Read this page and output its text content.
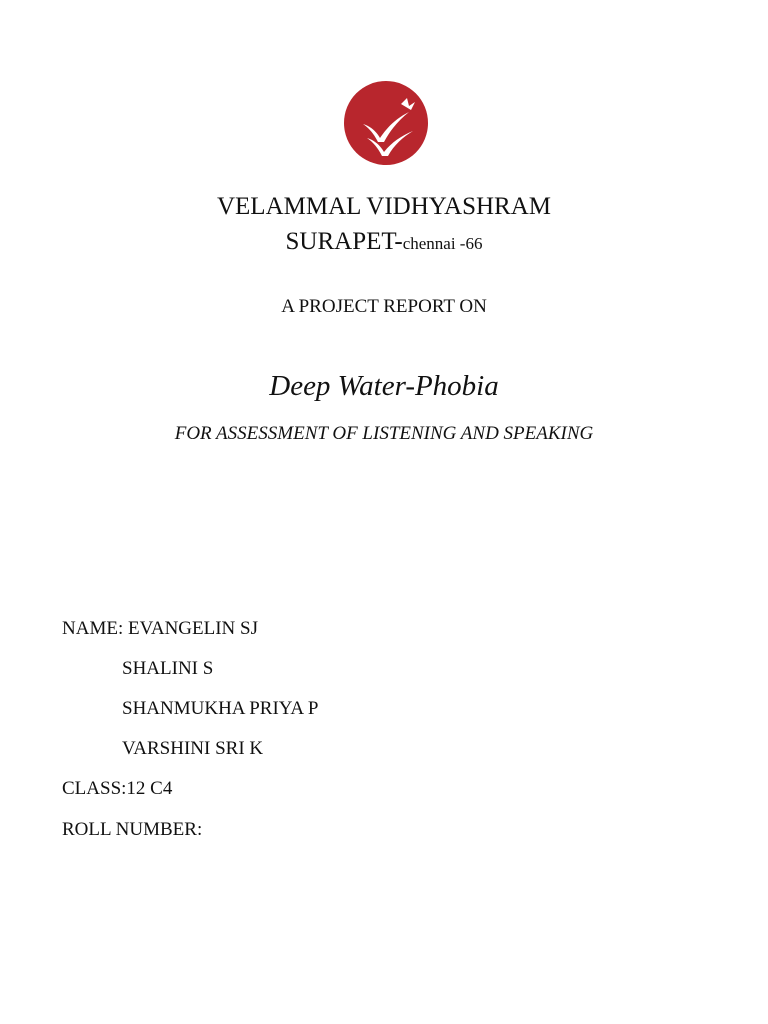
VELAMMAL VIDHYASHRAM
SURAPET-chennai -66
A PROJECT REPORT ON
Deep Water-Phobia
FOR ASSESSMENT OF LISTENING AND SPEAKING
NAME: EVANGELIN SJ
SHALINI S
SHANMUKHA PRIYA P
VARSHINI SRI K
CLASS:12 C4
ROLL NUMBER:
